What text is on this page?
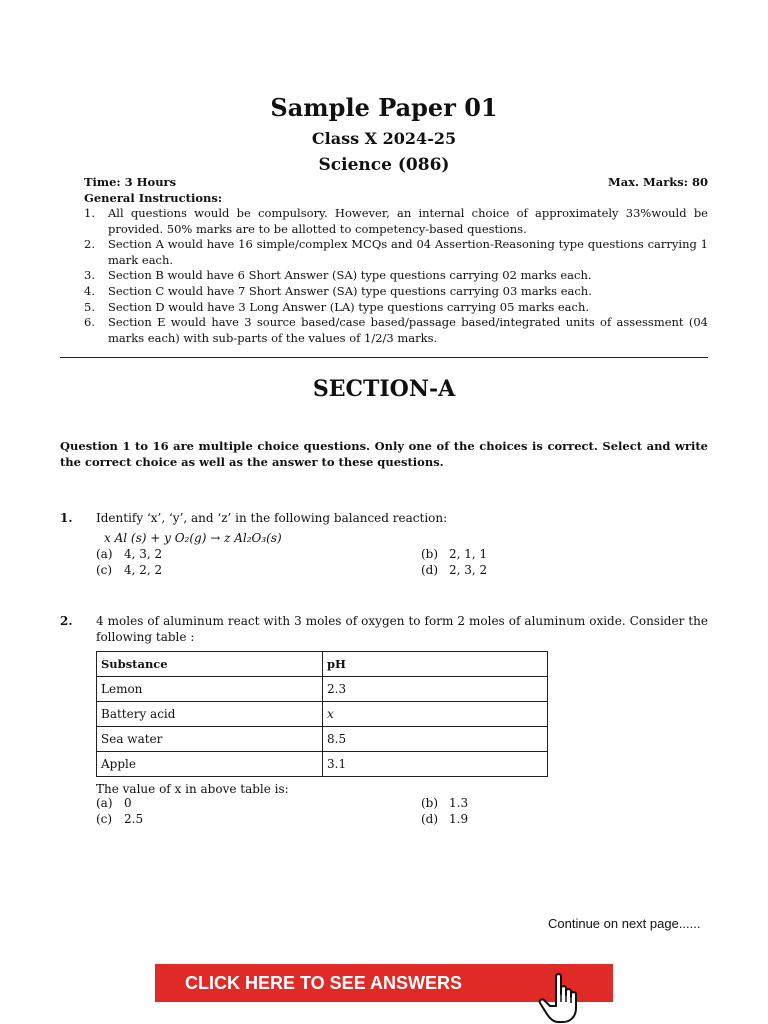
Sample Paper 01
Class X 2024-25
Science (086)
Time: 3 Hours	Max. Marks: 80
General Instructions:
1. All questions would be compulsory. However, an internal choice of approximately 33%would be provided. 50% marks are to be allotted to competency-based questions.
2. Section A would have 16 simple/complex MCQs and 04 Assertion-Reasoning type questions carrying 1 mark each.
3. Section B would have 6 Short Answer (SA) type questions carrying 02 marks each.
4. Section C would have 7 Short Answer (SA) type questions carrying 03 marks each.
5. Section D would have 3 Long Answer (LA) type questions carrying 05 marks each.
6. Section E would have 3 source based/case based/passage based/integrated units of assessment (04 marks each) with sub-parts of the values of 1/2/3 marks.
SECTION-A
Question 1 to 16 are multiple choice questions. Only one of the choices is correct. Select and write the correct choice as well as the answer to these questions.
1. Identify ‘x’, ‘y’, and ‘z’ in the following balanced reaction:
x Al (s) + y O₂(g) → z Al₂O₃(s)
(a) 4, 3, 2	(b) 2, 1, 1
(c) 4, 2, 2	(d) 2, 3, 2
2. 4 moles of aluminum react with 3 moles of oxygen to form 2 moles of aluminum oxide. Consider the following table :
Substance	pH
Lemon	2.3
Battery acid	x
Sea water	8.5
Apple	3.1
The value of x in above table is:
(a) 0	(b) 1.3
(c) 2.5	(d) 1.9
Continue on next page......
CLICK HERE TO SEE ANSWERS
